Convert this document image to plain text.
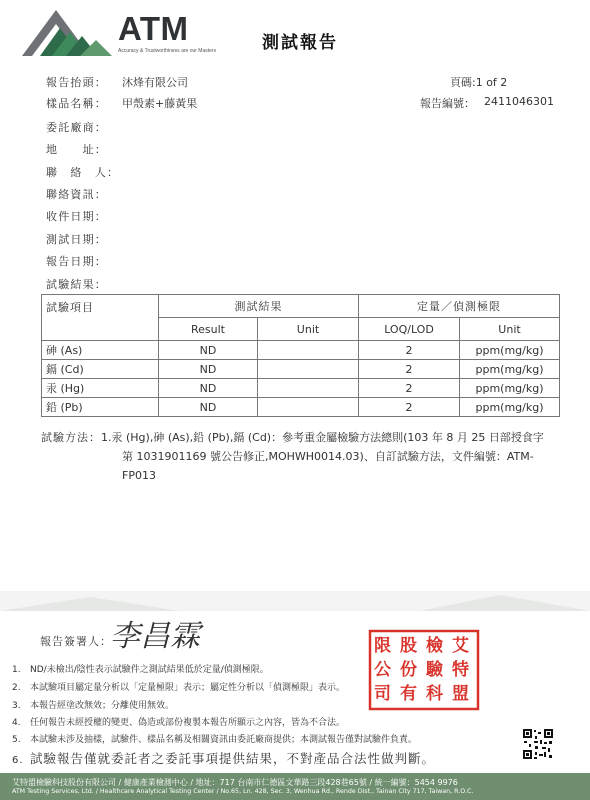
ATM
Accuracy & Trustworthiness are our Masters	測試報告
報告抬頭： 沐烽有限公司
樣品名稱： 甲殼素+藤黃果
委託廠商：
地　　址：
聯　絡　人：
聯絡資訊：
收件日期：
測試日期：
報告日期：
試驗結果：
頁碼:1 of 2
報告編號： 2411046301
試驗項目	測試結果		定量／偵測極限	
	Result	Unit	LOQ/LOD	Unit
砷 (As)	ND		2	ppm(mg/kg)
鎘 (Cd)	ND		2	ppm(mg/kg)
汞 (Hg)	ND		2	ppm(mg/kg)
鉛 (Pb)	ND		2	ppm(mg/kg)
試驗方法：1.汞 (Hg),砷 (As),鉛 (Pb),鎘 (Cd)：參考重金屬檢驗方法總則(103 年 8 月 25 日部授食字
第 1031901169 號公告修正,MOHWH0014.03)、自訂試驗方法，文件編號：ATM-
FP013
報告簽署人：
李昌霖	限
公
司
股
份
有
檢
驗
科
艾
特
盟
1. ND/未檢出/陰性表示試驗件之測試結果低於定量/偵測極限。
2. 本試驗項目屬定量分析以「定量極限」表示；屬定性分析以「偵測極限」表示。
3. 本報告經塗改無效；分離使用無效。
4. 任何報告未經授權的變更、偽造或部份複製本報告所顯示之內容，皆為不合法。
5. 本試驗未涉及抽樣，試驗件、樣品名稱及相關資訊由委託廠商提供；本測試報告僅對試驗件負責。
6. 試驗報告僅就委託者之委託事項提供結果，不對產品合法性做判斷。
艾特盟檢驗科技股份有限公司 / 健康產業檢測中心 / 地址：717 台南市仁德區文華路三段428巷65號 / 統一編號：5454 9976
ATM Testing Services, Ltd. / Healthcare Analytical Testing Center / No.65, Ln. 428, Sec. 3, Wenhua Rd., Rende Dist., Tainan City 717, Taiwan, R.O.C.
